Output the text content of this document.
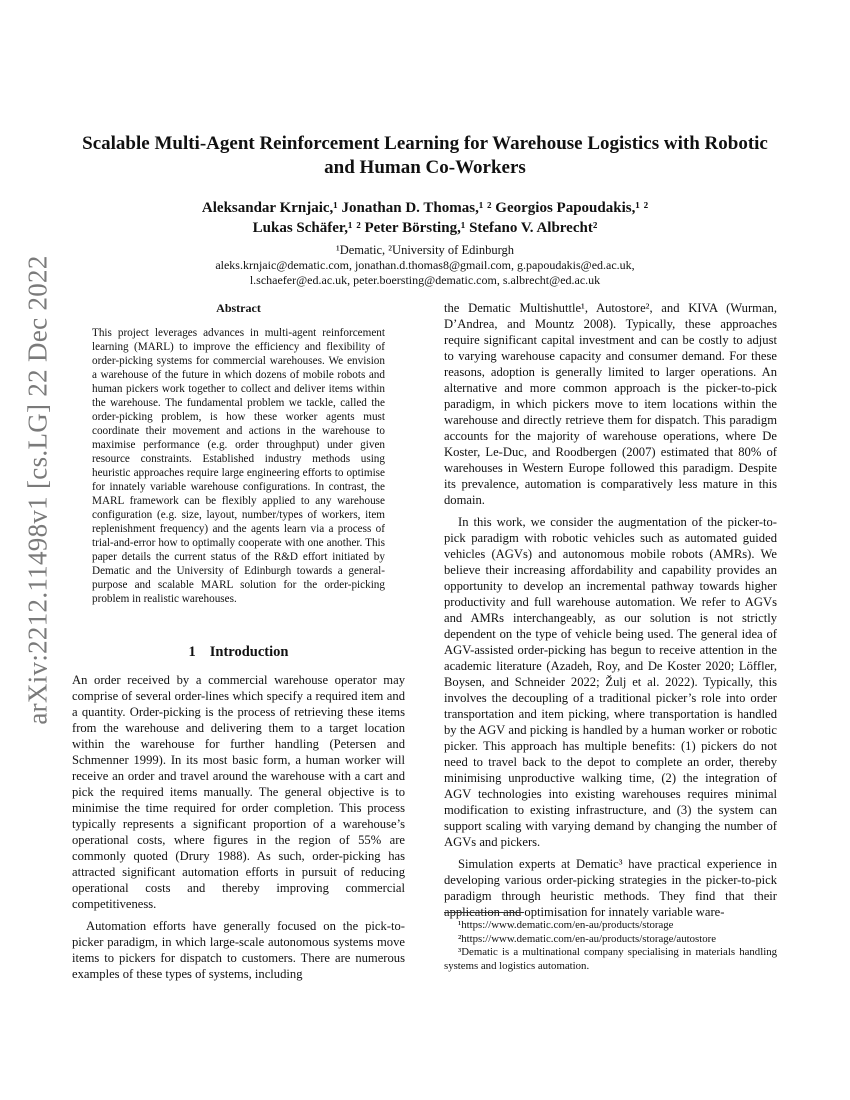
arXiv:2212.11498v1 [cs.LG] 22 Dec 2022
Scalable Multi-Agent Reinforcement Learning for Warehouse Logistics with Robotic and Human Co-Workers
Aleksandar Krnjaic,¹ Jonathan D. Thomas,¹ ² Georgios Papoudakis,¹ ²
Lukas Schäfer,¹ ² Peter Börsting,¹ Stefano V. Albrecht²
¹Dematic, ²University of Edinburgh
aleks.krnjaic@dematic.com, jonathan.d.thomas8@gmail.com, g.papoudakis@ed.ac.uk,
l.schaefer@ed.ac.uk, peter.boersting@dematic.com, s.albrecht@ed.ac.uk
Abstract

This project leverages advances in multi-agent reinforcement learning (MARL) to improve the efficiency and flexibility of order-picking systems for commercial warehouses. We envision a warehouse of the future in which dozens of mobile robots and human pickers work together to collect and deliver items within the warehouse. The fundamental problem we tackle, called the order-picking problem, is how these worker agents must coordinate their movement and actions in the warehouse to maximise performance (e.g. order throughput) under given resource constraints. Established industry methods using heuristic approaches require large engineering efforts to optimise for innately variable warehouse configurations. In contrast, the MARL framework can be flexibly applied to any warehouse configuration (e.g. size, layout, number/types of workers, item replenishment frequency) and the agents learn via a process of trial-and-error how to optimally cooperate with one another. This paper details the current status of the R&D effort initiated by Dematic and the University of Edinburgh towards a general-purpose and scalable MARL solution for the order-picking problem in realistic warehouses.

1 Introduction

An order received by a commercial warehouse operator may comprise of several order-lines which specify a required item and a quantity. Order-picking is the process of retrieving these items from the warehouse and delivering them to a target location within the warehouse for further handling (Petersen and Schmenner 1999). In its most basic form, a human worker will receive an order and travel around the warehouse with a cart and pick the required items manually. The general objective is to minimise the time required for order completion. This process typically represents a significant proportion of a warehouse’s operational costs, where figures in the region of 55% are commonly quoted (Drury 1988). As such, order-picking has attracted significant automation efforts in pursuit of reducing operational costs and thereby improving commercial competitiveness.

Automation efforts have generally focused on the pick-to-picker paradigm, in which large-scale autonomous systems move items to pickers for dispatch to customers. There are numerous examples of these types of systems, including

the Dematic Multishuttle¹, Autostore², and KIVA (Wurman, D’Andrea, and Mountz 2008). Typically, these approaches require significant capital investment and can be costly to adjust to varying warehouse capacity and consumer demand. For these reasons, adoption is generally limited to larger operations. An alternative and more common approach is the picker-to-pick paradigm, in which pickers move to item locations within the warehouse and directly retrieve them for dispatch. This paradigm accounts for the majority of warehouse operations, where De Koster, Le-Duc, and Roodbergen (2007) estimated that 80% of warehouses in Western Europe followed this paradigm. Despite its prevalence, automation is comparatively less mature in this domain.

In this work, we consider the augmentation of the picker-to-pick paradigm with robotic vehicles such as automated guided vehicles (AGVs) and autonomous mobile robots (AMRs). We believe their increasing affordability and capability provides an opportunity to develop an incremental pathway towards higher productivity and full warehouse automation. We refer to AGVs and AMRs interchangeably, as our solution is not strictly dependent on the type of vehicle being used. The general idea of AGV-assisted order-picking has begun to receive attention in the academic literature (Azadeh, Roy, and De Koster 2020; Löffler, Boysen, and Schneider 2022; Žulj et al. 2022). Typically, this involves the decoupling of a traditional picker’s role into order transportation and item picking, where transportation is handled by the AGV and picking is handled by a human worker or robotic picker. This approach has multiple benefits: (1) pickers do not need to travel back to the depot to complete an order, thereby minimising unproductive walking time, (2) the integration of AGV technologies into existing warehouses requires minimal modification to existing infrastructure, and (3) the system can support scaling with varying demand by changing the number of AGVs and pickers.

Simulation experts at Dematic³ have practical experience in developing various order-picking strategies in the picker-to-pick paradigm through heuristic methods. They find that their application and optimisation for innately variable ware-

¹https://www.dematic.com/en-au/products/storage
²https://www.dematic.com/en-au/products/storage/autostore
³Dematic is a multinational company specialising in materials handling systems and logistics automation.
